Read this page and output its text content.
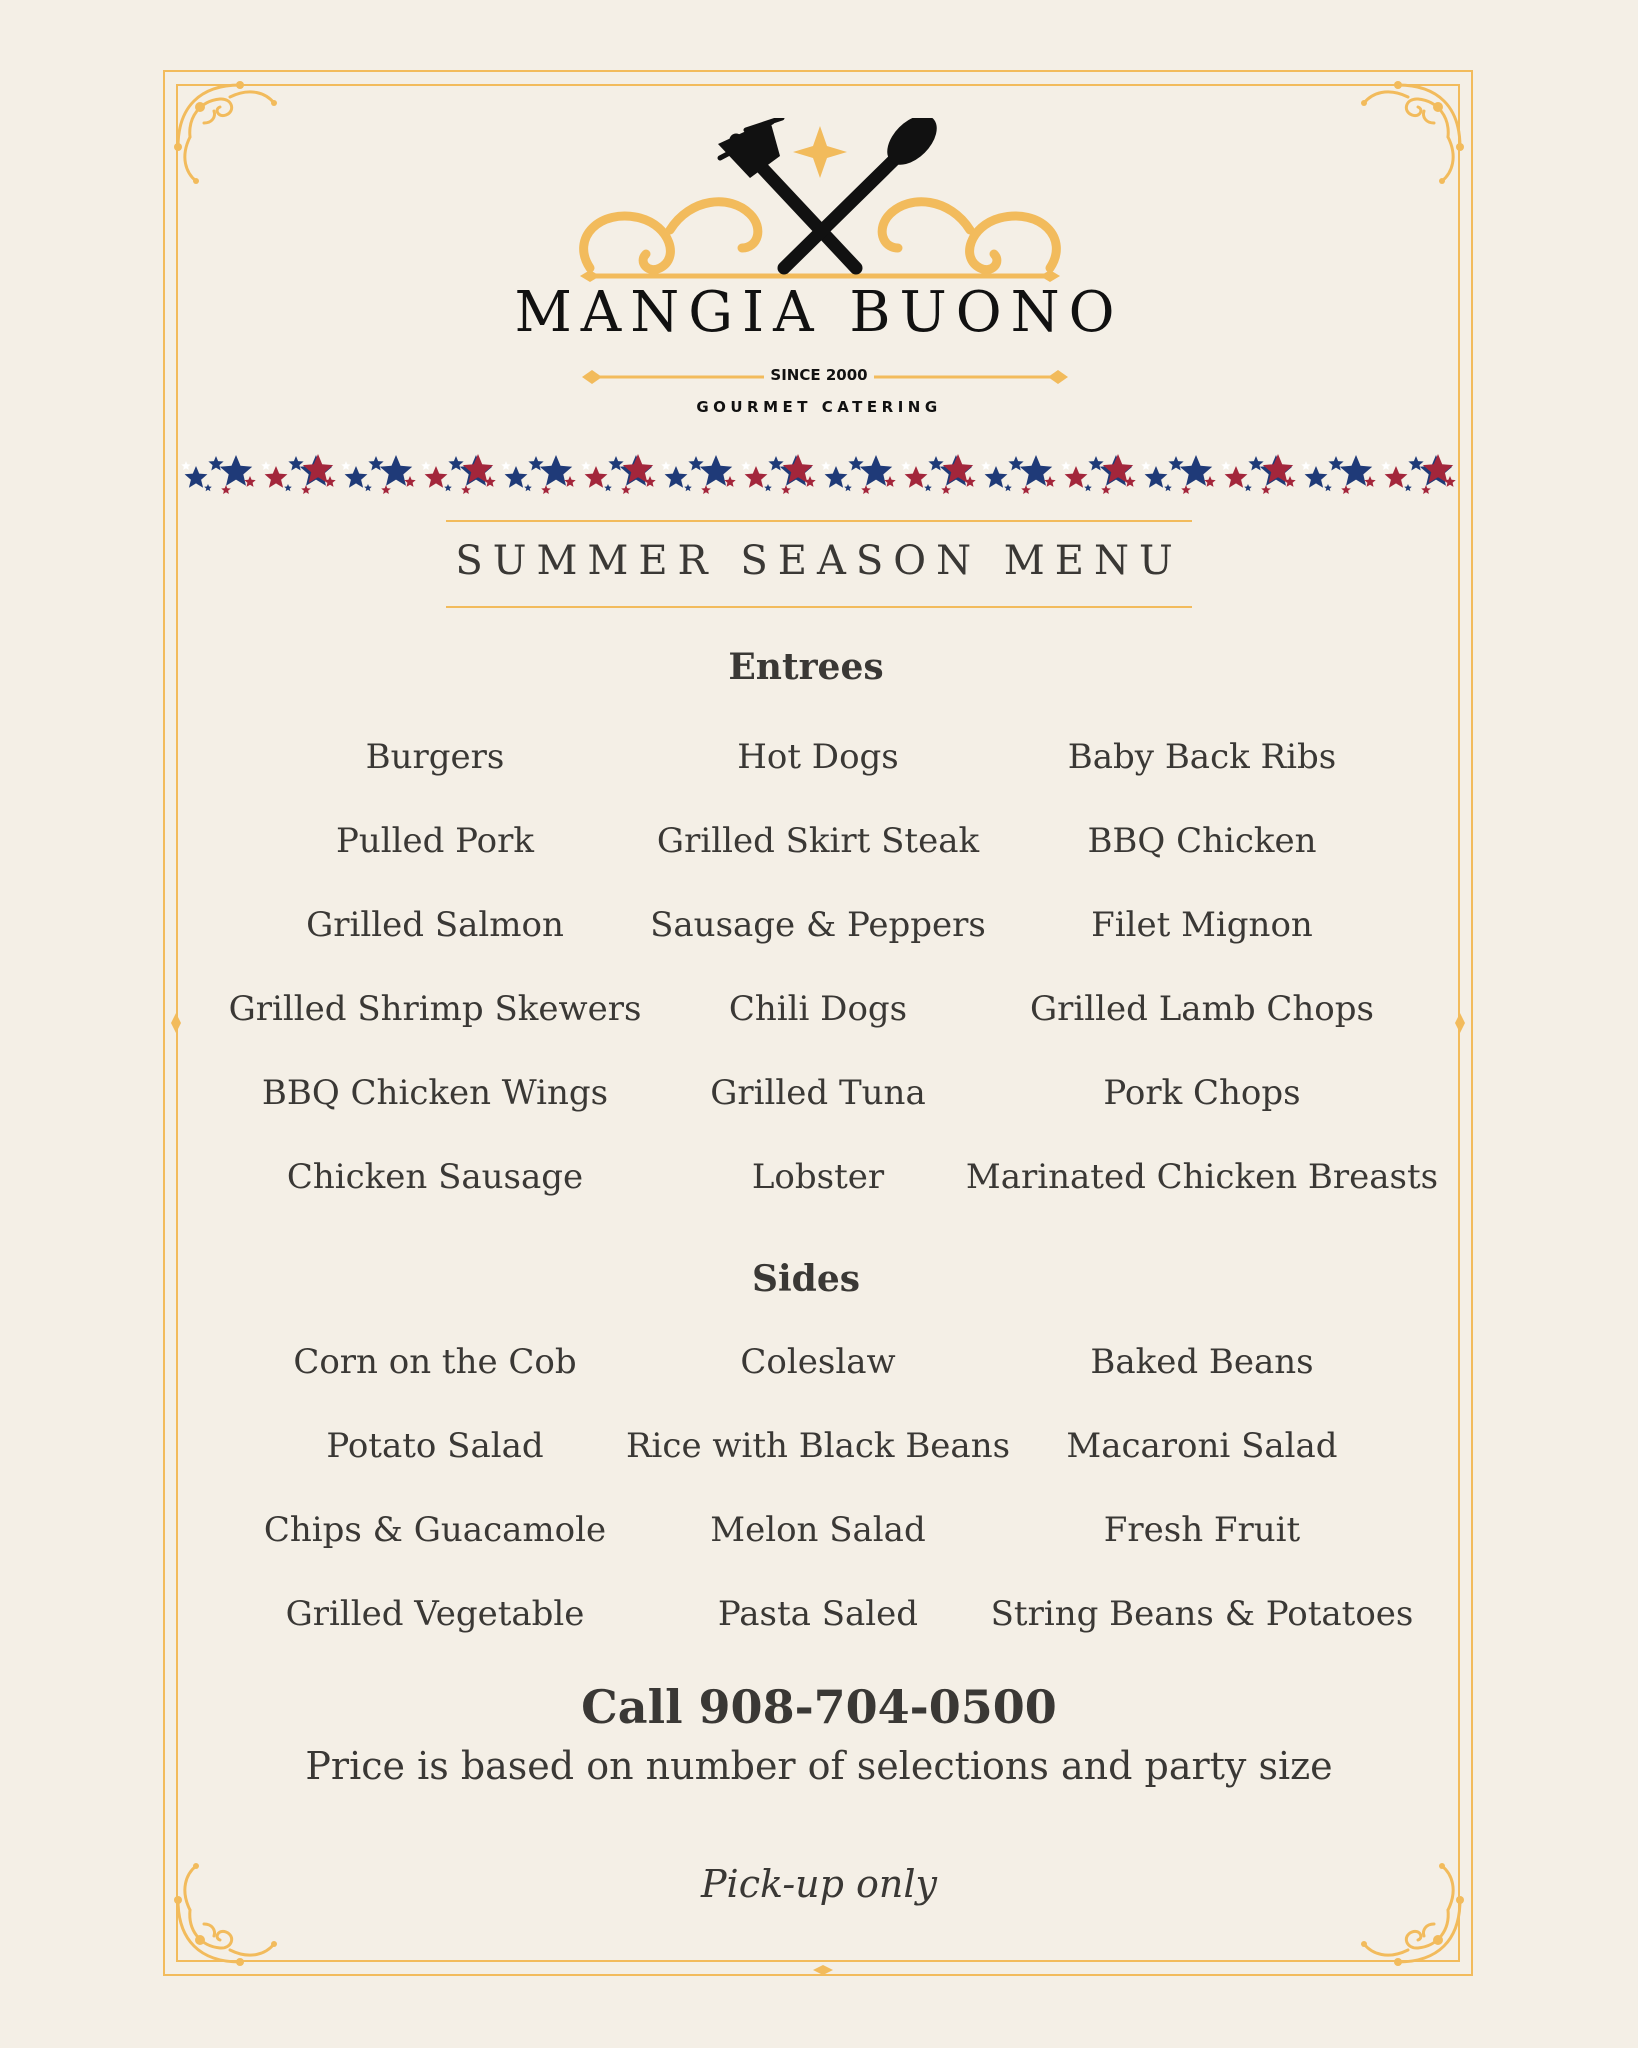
MANGIA BUONO
SINCE 2000
GOURMET CATERING
SUMMER SEASON MENU
Entrees
Burgers	Hot Dogs	Baby Back Ribs
Pulled Pork	Grilled Skirt Steak	BBQ Chicken
Grilled Salmon	Sausage & Peppers	Filet Mignon
Grilled Shrimp Skewers	Chili Dogs	Grilled Lamb Chops
BBQ Chicken Wings	Grilled Tuna	Pork Chops
Chicken Sausage	Lobster	Marinated Chicken Breasts
Sides
Corn on the Cob	Coleslaw	Baked Beans
Potato Salad	Rice with Black Beans	Macaroni Salad
Chips & Guacamole	Melon Salad	Fresh Fruit
Grilled Vegetable	Pasta Saled	String Beans & Potatoes
Call 908-704-0500
Price is based on number of selections and party size
Pick-up only
